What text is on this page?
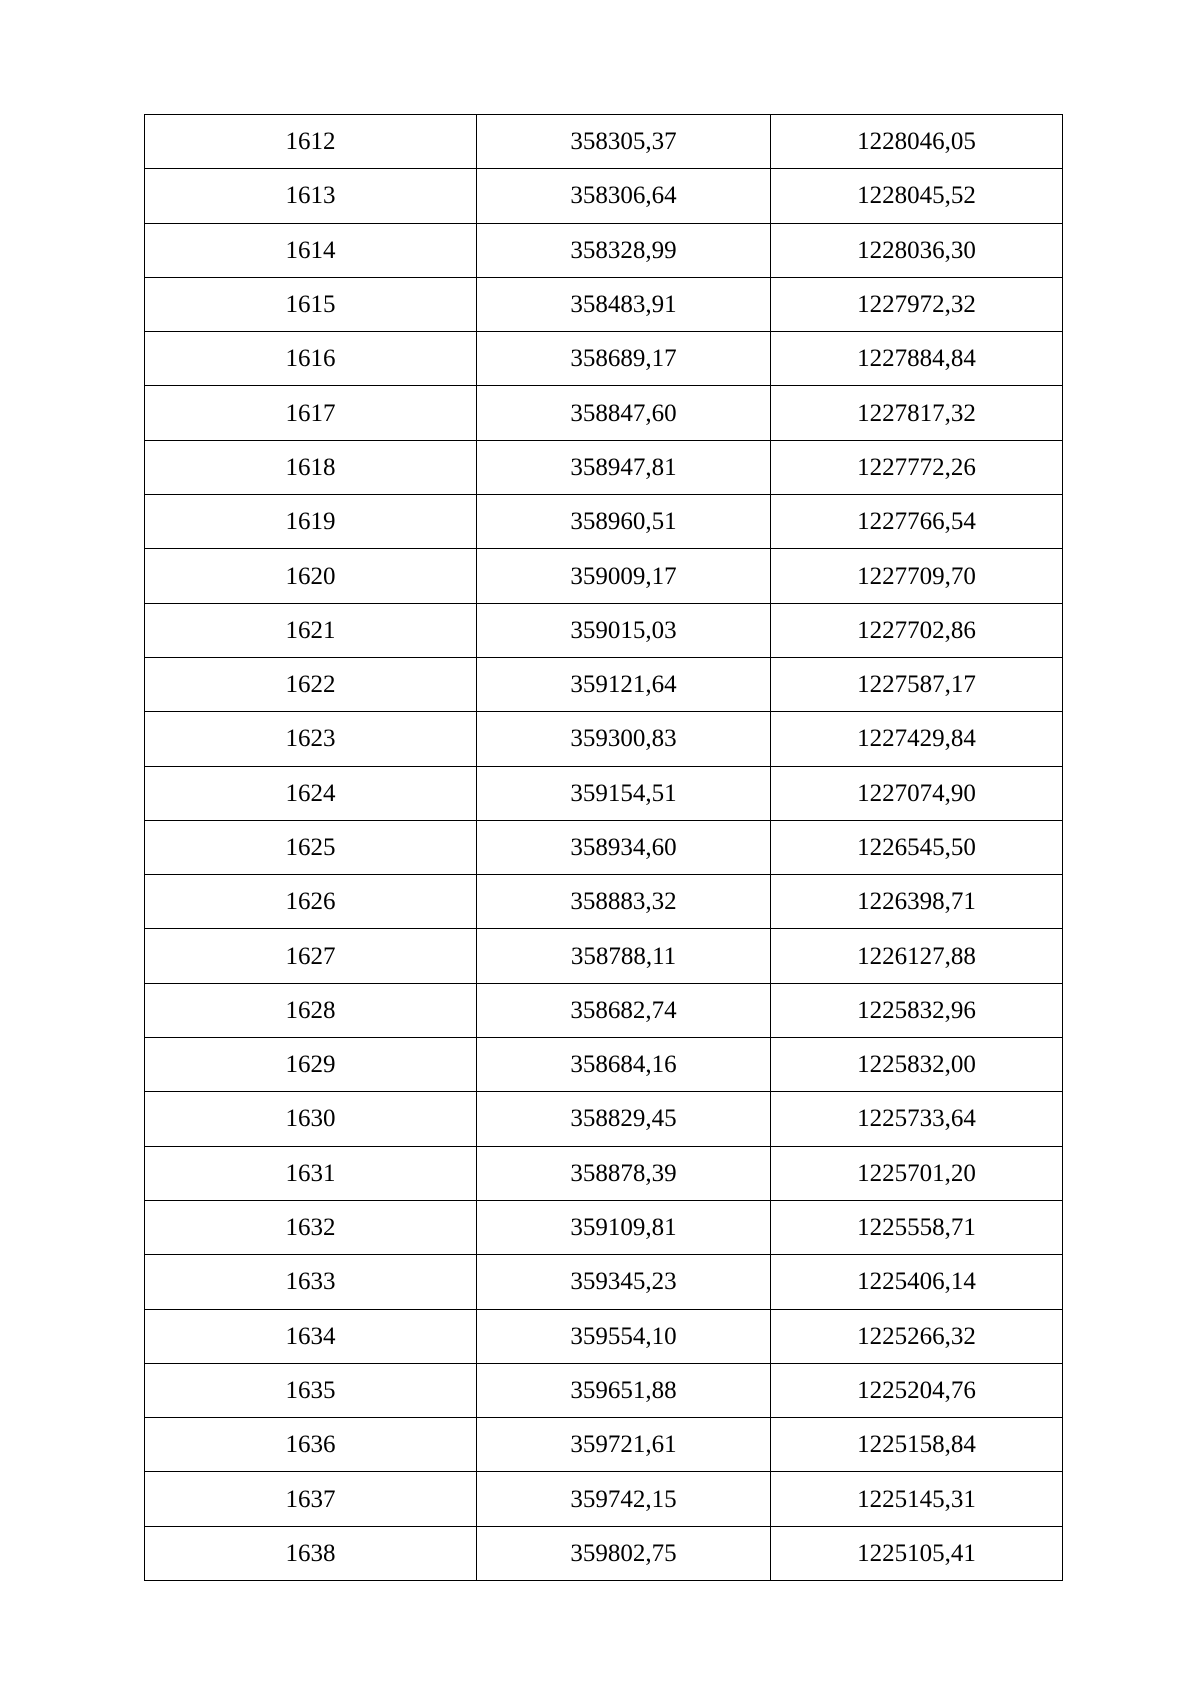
1612	358305,37	1228046,05
1613	358306,64	1228045,52
1614	358328,99	1228036,30
1615	358483,91	1227972,32
1616	358689,17	1227884,84
1617	358847,60	1227817,32
1618	358947,81	1227772,26
1619	358960,51	1227766,54
1620	359009,17	1227709,70
1621	359015,03	1227702,86
1622	359121,64	1227587,17
1623	359300,83	1227429,84
1624	359154,51	1227074,90
1625	358934,60	1226545,50
1626	358883,32	1226398,71
1627	358788,11	1226127,88
1628	358682,74	1225832,96
1629	358684,16	1225832,00
1630	358829,45	1225733,64
1631	358878,39	1225701,20
1632	359109,81	1225558,71
1633	359345,23	1225406,14
1634	359554,10	1225266,32
1635	359651,88	1225204,76
1636	359721,61	1225158,84
1637	359742,15	1225145,31
1638	359802,75	1225105,41
